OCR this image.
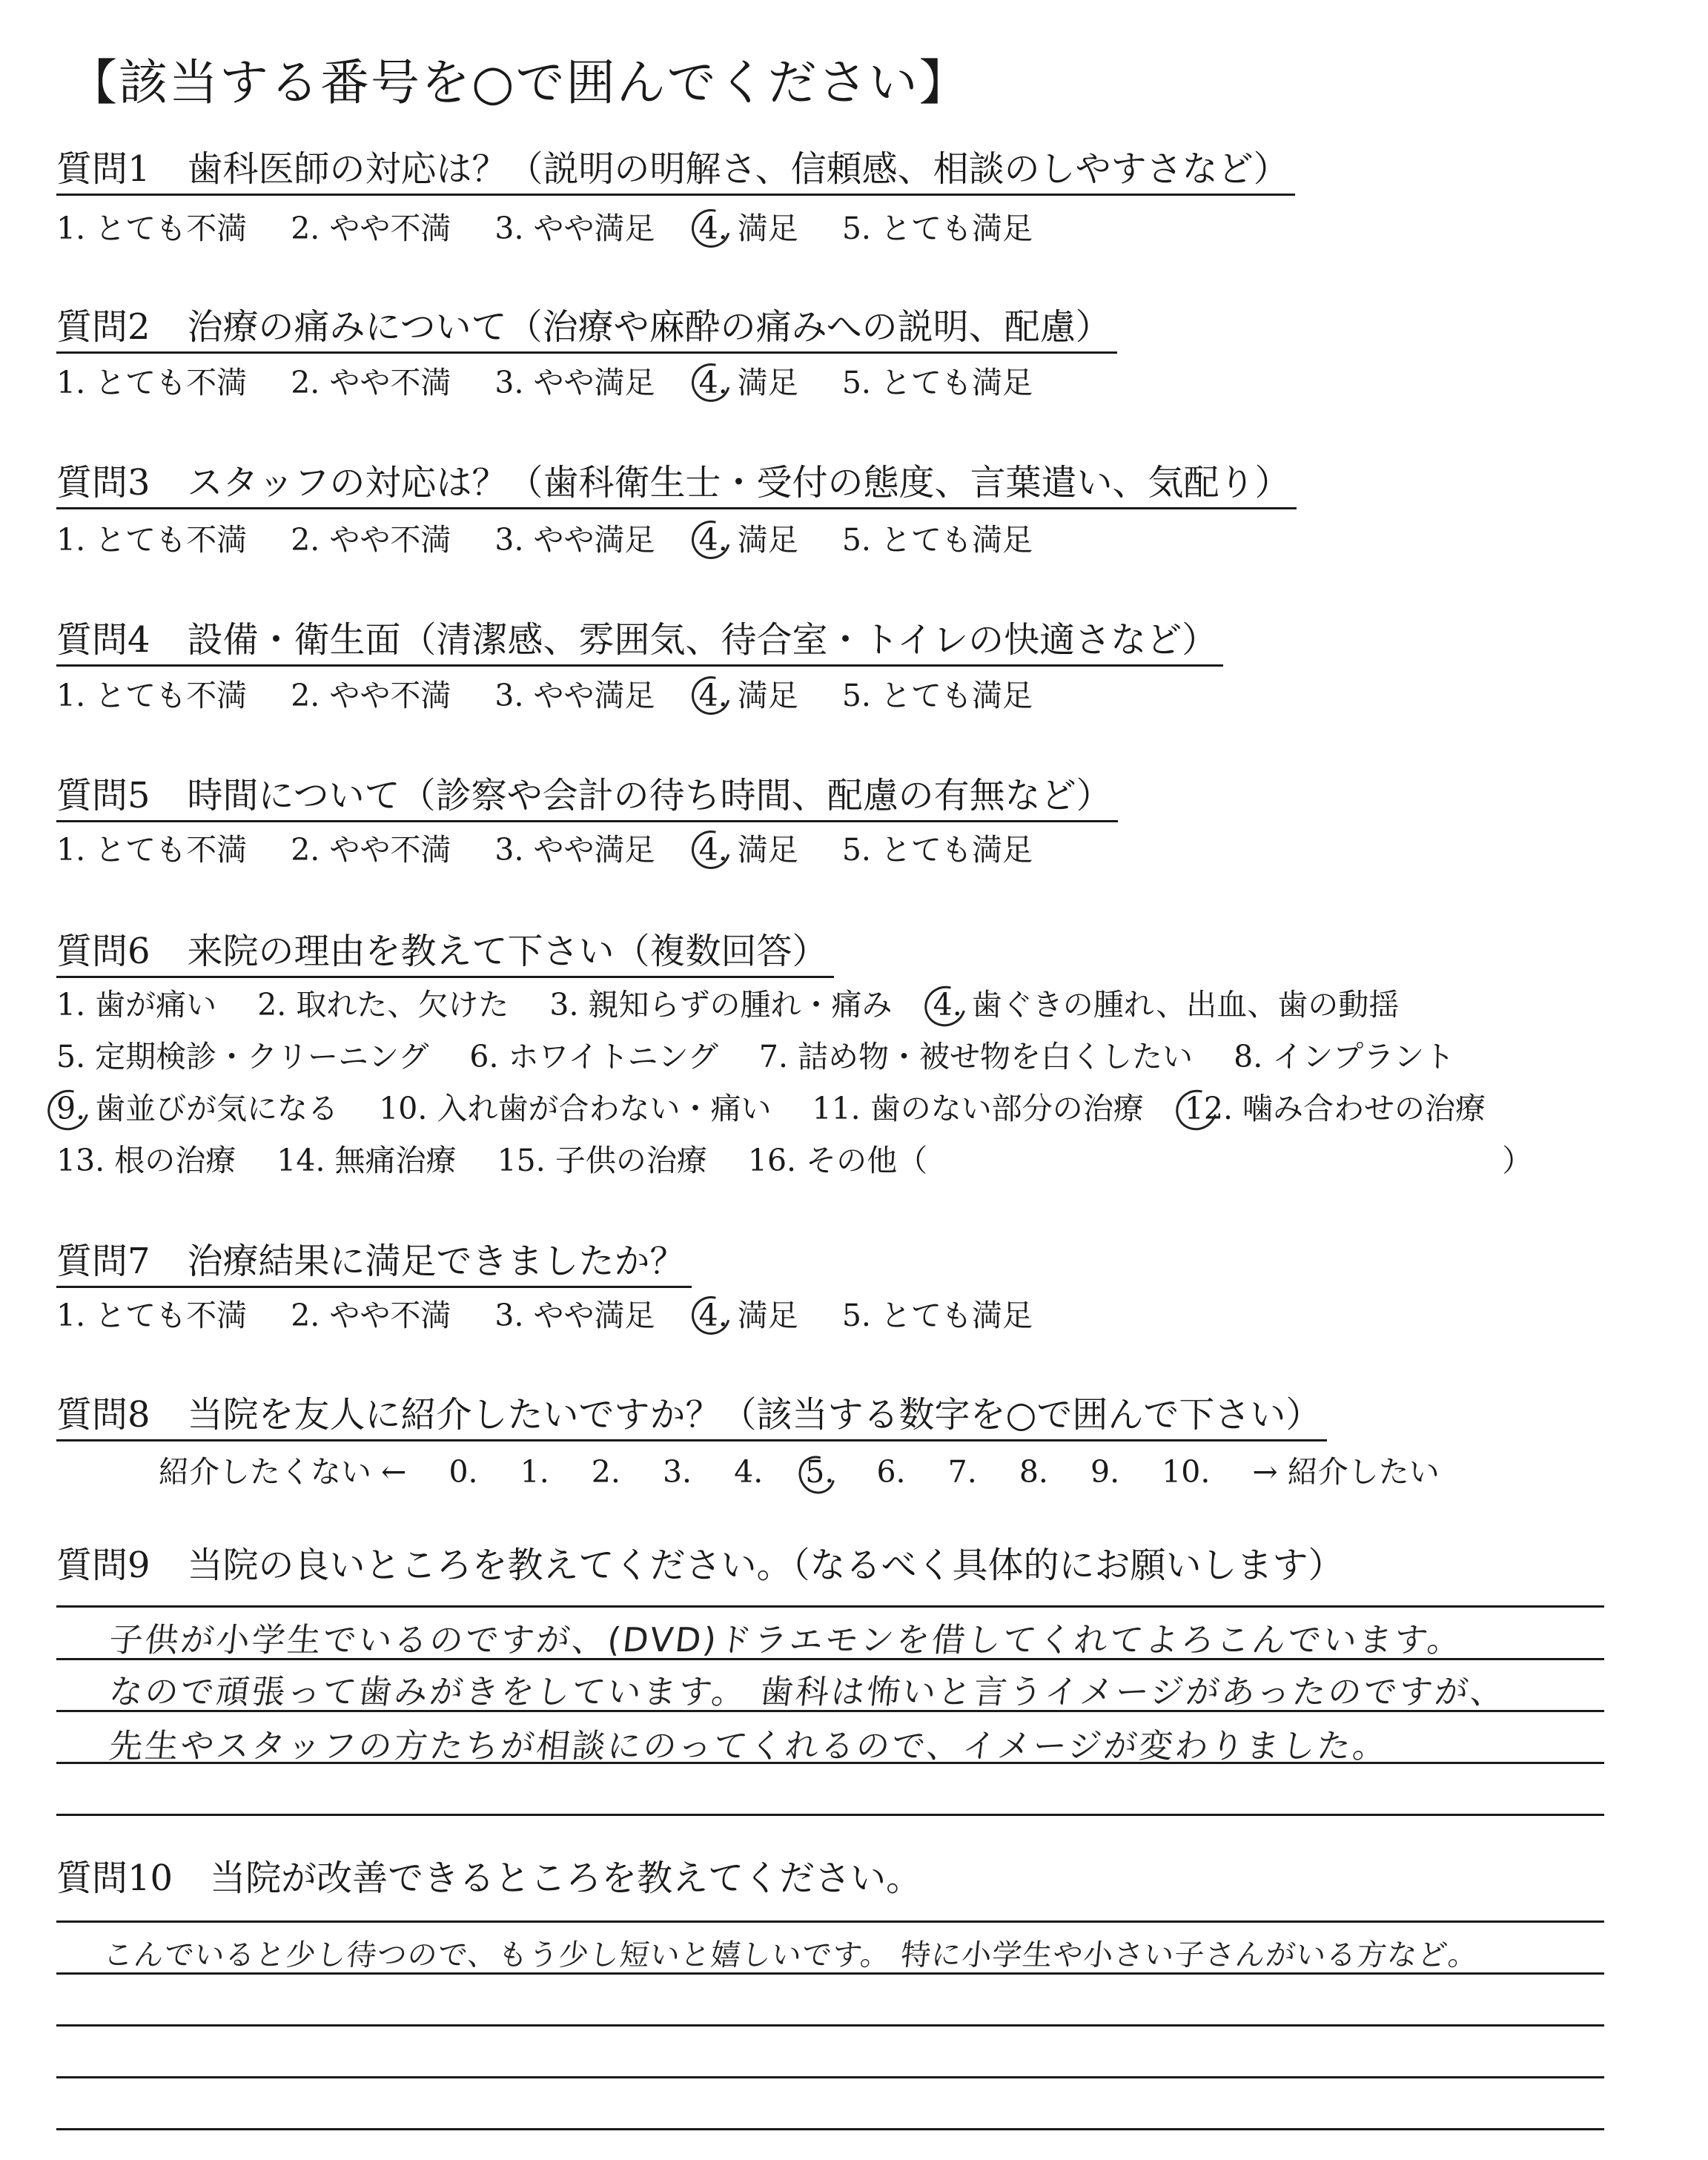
【該当する番号を○で囲んでください】
質問1 歯科医師の対応は？（説明の明解さ、信頼感、相談のしやすさなど）
1. とても不満 2. やや不満 3. やや満足 4. 満足 5. とても満足
質問2 治療の痛みについて（治療や麻酔の痛みへの説明、配慮）
1. とても不満 2. やや不満 3. やや満足 4. 満足 5. とても満足
質問3 スタッフの対応は？（歯科衛生士・受付の態度、言葉遣い、気配り）
1. とても不満 2. やや不満 3. やや満足 4. 満足 5. とても満足
質問4 設備・衛生面（清潔感、雰囲気、待合室・トイレの快適さなど）
1. とても不満 2. やや不満 3. やや満足 4. 満足 5. とても満足
質問5 時間について（診察や会計の待ち時間、配慮の有無など）
1. とても不満 2. やや不満 3. やや満足 4. 満足 5. とても満足
質問6 来院の理由を教えて下さい（複数回答）
1. 歯が痛い 2. 取れた、欠けた 3. 親知らずの腫れ・痛み 4. 歯ぐきの腫れ、出血、歯の動揺
5. 定期検診・クリーニング 6. ホワイトニング 7. 詰め物・被せ物を白くしたい 8. インプラント
9. 歯並びが気になる 10. 入れ歯が合わない・痛い 11. 歯のない部分の治療 12. 噛み合わせの治療
13. 根の治療 14. 無痛治療 15. 子供の治療 16. その他（	）
質問7 治療結果に満足できましたか？
1. とても不満 2. やや不満 3. やや満足 4. 満足 5. とても満足
質問8 当院を友人に紹介したいですか？（該当する数字を○で囲んで下さい）
紹介したくない ← 0. 1. 2. 3. 4. 5. 6. 7. 8. 9. 10. → 紹介したい
質問9 当院の良いところを教えてください。（なるべく具体的にお願いします）
子供が小学生でいるのですが、(DVD)ドラエモンを借してくれてよろこんでいます。
なので頑張って歯みがきをしています。 歯科は怖いと言うイメージがあったのですが、
先生やスタッフの方たちが相談にのってくれるので、イメージが変わりました。
質問10 当院が改善できるところを教えてください。
こんでいると少し待つので、もう少し短いと嬉しいです。 特に小学生や小さい子さんがいる方など。
